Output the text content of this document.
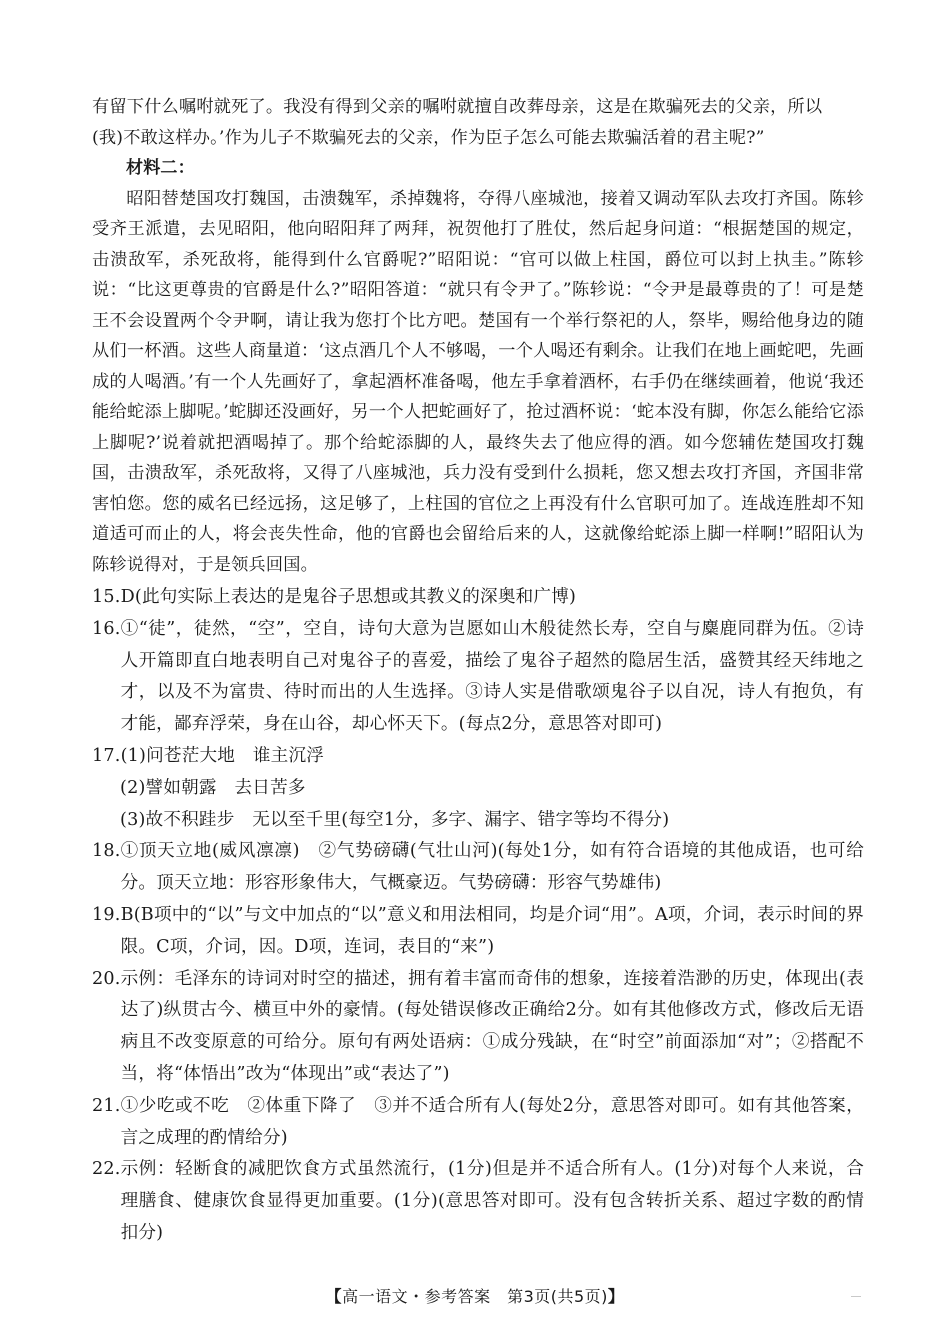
有留下什么嘱咐就死了。我没有得到父亲的嘱咐就擅自改葬母亲，这是在欺骗死去的父亲，所以

(我)不敢这样办。’作为儿子不欺骗死去的父亲，作为臣子怎么可能去欺骗活着的君主呢?”

材料二：

昭阳替楚国攻打魏国，击溃魏军，杀掉魏将，夺得八座城池，接着又调动军队去攻打齐国。陈轸受齐王派遣，去见昭阳，他向昭阳拜了两拜，祝贺他打了胜仗，然后起身问道：“根据楚国的规定，击溃敌军，杀死敌将，能得到什么官爵呢?”昭阳说：“官可以做上柱国，爵位可以封上执圭。”陈轸说：“比这更尊贵的官爵是什么?”昭阳答道：“就只有令尹了。”陈轸说：“令尹是最尊贵的了！可是楚王不会设置两个令尹啊，请让我为您打个比方吧。楚国有一个举行祭祀的人，祭毕，赐给他身边的随从们一杯酒。这些人商量道：‘这点酒几个人不够喝，一个人喝还有剩余。让我们在地上画蛇吧，先画成的人喝酒。’有一个人先画好了，拿起酒杯准备喝，他左手拿着酒杯，右手仍在继续画着，他说‘我还能给蛇添上脚呢。’蛇脚还没画好，另一个人把蛇画好了，抢过酒杯说：‘蛇本没有脚，你怎么能给它添上脚呢?’说着就把酒喝掉了。那个给蛇添脚的人，最终失去了他应得的酒。如今您辅佐楚国攻打魏国，击溃敌军，杀死敌将，又得了八座城池，兵力没有受到什么损耗，您又想去攻打齐国，齐国非常害怕您。您的威名已经远扬，这足够了，上柱国的官位之上再没有什么官职可加了。连战连胜却不知道适可而止的人，将会丧失性命，他的官爵也会留给后来的人，这就像给蛇添上脚一样啊!”昭阳认为陈轸说得对，于是领兵回国。

15. D(此句实际上表达的是鬼谷子思想或其教义的深奥和广博)
16. ①“徒”，徒然，“空”，空自，诗句大意为岂愿如山木般徒然长寿，空自与麋鹿同群为伍。②诗人开篇即直白地表明自己对鬼谷子的喜爱，描绘了鬼谷子超然的隐居生活，盛赞其经天纬地之才，以及不为富贵、待时而出的人生选择。③诗人实是借歌颂鬼谷子以自况，诗人有抱负，有才能，鄙弃浮荣，身在山谷，却心怀天下。(每点2分，意思答对即可)
17. (1)问苍茫大地　谁主沉浮
(2)譬如朝露　去日苦多
(3)故不积跬步　无以至千里(每空1分，多字、漏字、错字等均不得分)
18. ①顶天立地(威风凛凛)　②气势磅礴(气壮山河)(每处1分，如有符合语境的其他成语，也可给分。顶天立地：形容形象伟大，气概豪迈。气势磅礴：形容气势雄伟)
19. B(B项中的“以”与文中加点的“以”意义和用法相同，均是介词“用”。A项，介词，表示时间的界限。C项，介词，因。D项，连词，表目的“来”)
20. 示例：毛泽东的诗词对时空的描述，拥有着丰富而奇伟的想象，连接着浩渺的历史，体现出(表达了)纵贯古今、横亘中外的豪情。(每处错误修改正确给2分。如有其他修改方式，修改后无语病且不改变原意的可给分。原句有两处语病：①成分残缺，在“时空”前面添加“对”；②搭配不当，将“体悟出”改为“体现出”或“表达了”)
21. ①少吃或不吃　②体重下降了　③并不适合所有人(每处2分，意思答对即可。如有其他答案，言之成理的酌情给分)
22. 示例：轻断食的减肥饮食方式虽然流行，(1分)但是并不适合所有人。(1分)对每个人来说，合理膳食、健康饮食显得更加重要。(1分)(意思答对即可。没有包含转折关系、超过字数的酌情扣分)
【高一语文・参考答案　第3页(共5页)】
